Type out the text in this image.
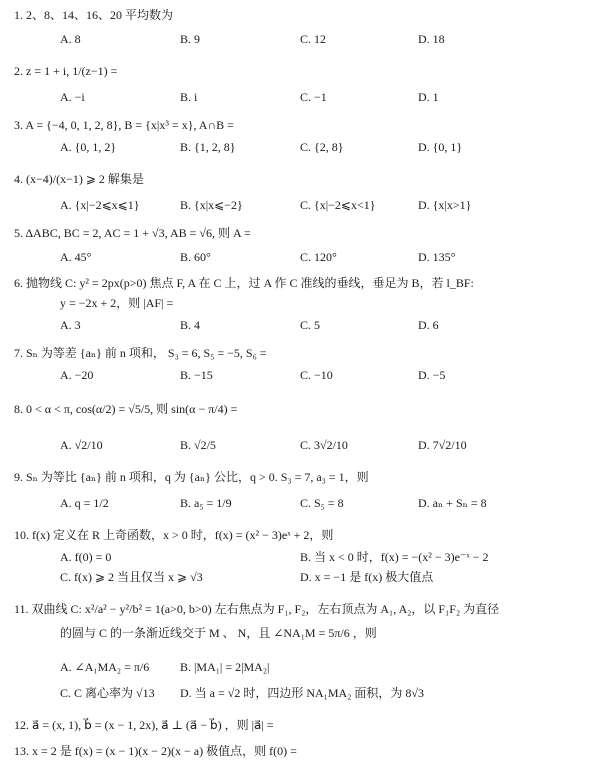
1. 2、8、14、16、20 平均数为
A. 8	B. 9	C. 12	D. 18
2. z = 1 + i, 1/(z−1) =
A. −i	B. i	C. −1	D. 1
3. A = {−4, 0, 1, 2, 8}, B = {x|x³ = x}, A∩B =
A. {0, 1, 2}	B. {1, 2, 8}	C. {2, 8}	D. {0, 1}
4. (x−4)/(x−1) ⩾ 2 解集是
A. {x|−2⩽x⩽1}	B. {x|x⩽−2}	C. {x|−2⩽x<1}	D. {x|x>1}
5. ΔABC, BC = 2, AC = 1 + √3, AB = √6, 则 A =
A. 45°	B. 60°	C. 120°	D. 135°
6. 抛物线 C: y² = 2px(p>0) 焦点 F, A 在 C 上，过 A 作 C 准线的垂线，垂足为 B，若 l_BF:
y = −2x + 2，则 |AF| =
A. 3	B. 4	C. 5	D. 6
7. Sₙ 为等差 {aₙ} 前 n 项和， S₃ = 6, S₅ = −5, S₆ =
A. −20	B. −15	C. −10	D. −5
8. 0 < α < π, cos(α/2) = √5/5, 则 sin(α − π/4) =
A. √2/10	B. √2/5	C. 3√2/10	D. 7√2/10
9. Sₙ 为等比 {aₙ} 前 n 项和，q 为 {aₙ} 公比，q > 0. S₃ = 7, a₃ = 1，则
A. q = 1/2	B. a₅ = 1/9	C. S₅ = 8	D. aₙ + Sₙ = 8
10. f(x) 定义在 R 上奇函数，x > 0 时，f(x) = (x² − 3)eˣ + 2，则
A. f(0) = 0	B. 当 x < 0 时，f(x) = −(x² − 3)e⁻ˣ − 2
C. f(x) ⩾ 2 当且仅当 x ⩾ √3	D. x = −1 是 f(x) 极大值点
11. 双曲线 C: x²/a² − y²/b² = 1(a>0, b>0) 左右焦点为 F₁, F₂，左右顶点为 A₁, A₂，以 F₁F₂ 为直径
的圆与 C 的一条渐近线交于 M 、 N，且 ∠NA₁M = 5π/6 ，则
A. ∠A₁MA₂ = π/6	B. |MA₁| = 2|MA₂|
C. C 离心率为 √13 D. 当 a = √2 时，四边形 NA₁MA₂ 面积，为 8√3
12. a⃗ = (x, 1), b⃗ = (x − 1, 2x), a⃗ ⊥ (a⃗ − b⃗) ，则 |a⃗| =
13. x = 2 是 f(x) = (x − 1)(x − 2)(x − a) 极值点，则 f(0) =
